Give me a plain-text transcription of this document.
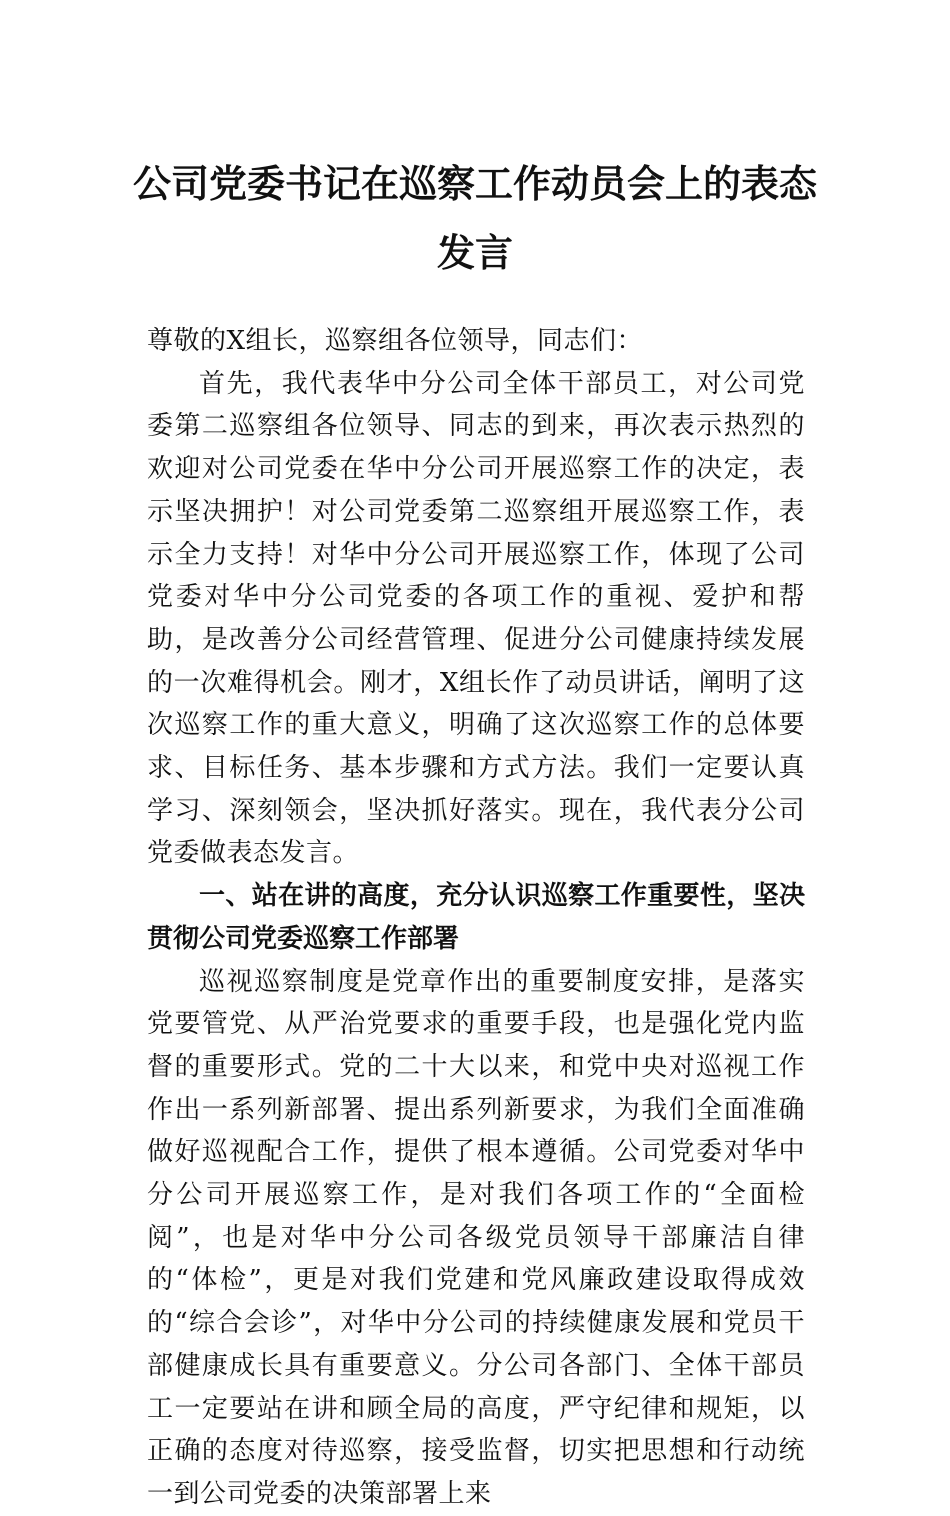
公司党委书记在巡察工作动员会上的表态
发言

尊敬的X组长，巡察组各位领导，同志们：

首先，我代表华中分公司全体干部员工，对公司党委第二巡察组各位领导、同志的到来，再次表示热烈的欢迎对公司党委在华中分公司开展巡察工作的决定，表示坚决拥护！对公司党委第二巡察组开展巡察工作，表示全力支持！对华中分公司开展巡察工作，体现了公司党委对华中分公司党委的各项工作的重视、爱护和帮助，是改善分公司经营管理、促进分公司健康持续发展的一次难得机会。刚才，X组长作了动员讲话，阐明了这次巡察工作的重大意义，明确了这次巡察工作的总体要求、目标任务、基本步骤和方式方法。我们一定要认真学习、深刻领会，坚决抓好落实。现在，我代表分公司党委做表态发言。

一、站在讲的高度，充分认识巡察工作重要性，坚决贯彻公司党委巡察工作部署

巡视巡察制度是党章作出的重要制度安排，是落实党要管党、从严治党要求的重要手段，也是强化党内监督的重要形式。党的二十大以来，和党中央对巡视工作作出一系列新部署、提出系列新要求，为我们全面准确做好巡视配合工作，提供了根本遵循。公司党委对华中分公司开展巡察工作，是对我们各项工作的“全面检阅”，也是对华中分公司各级党员领导干部廉洁自律的“体检”，更是对我们党建和党风廉政建设取得成效的“综合会诊”，对华中分公司的持续健康发展和党员干部健康成长具有重要意义。分公司各部门、全体干部员工一定要站在讲和顾全局的高度，严守纪律和规矩，以正确的态度对待巡察，接受监督，切实把思想和行动统一到公司党委的决策部署上来
